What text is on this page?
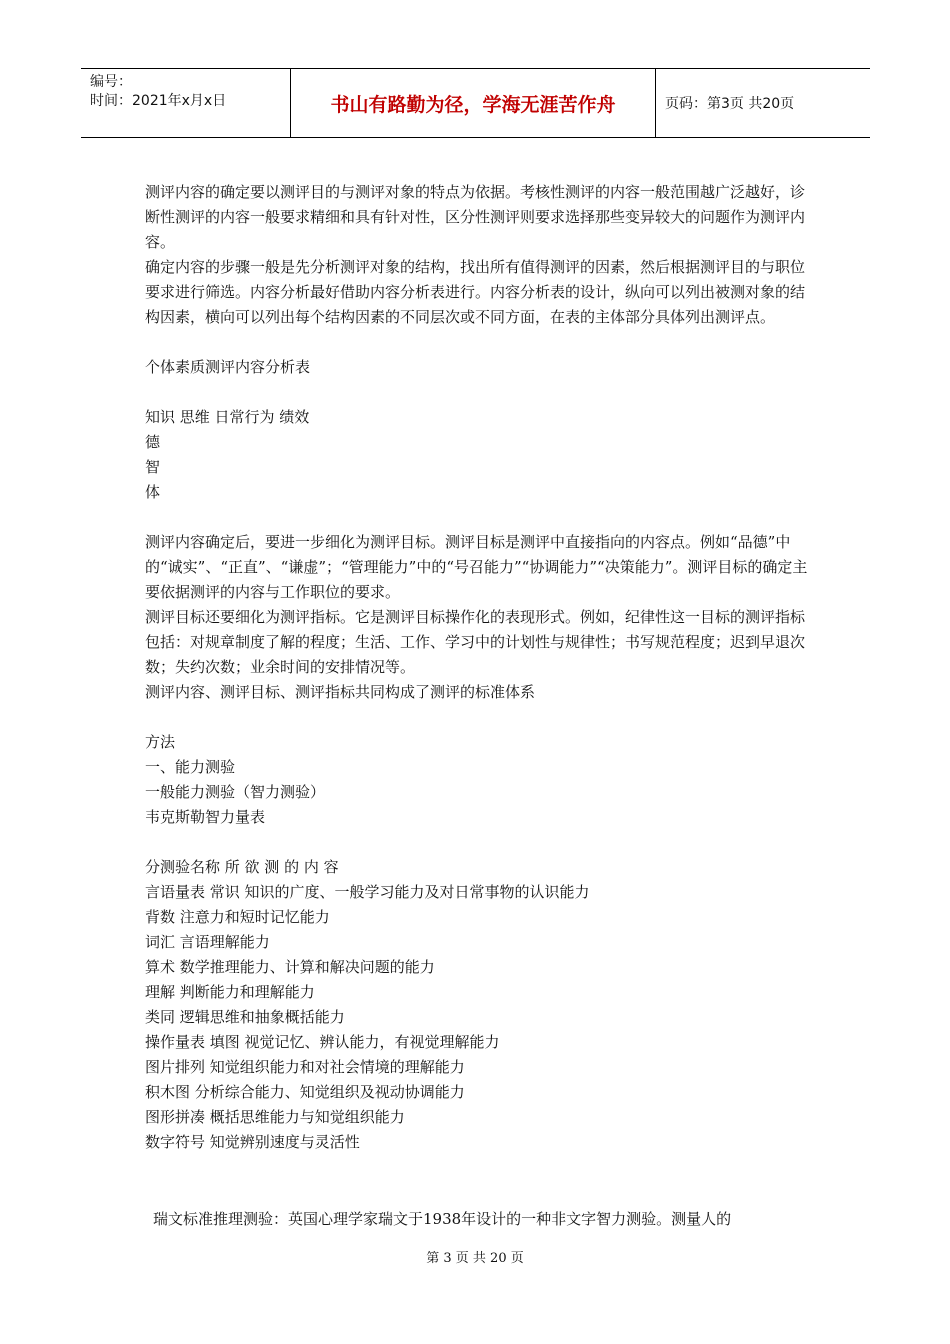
编号：
时间：2021年x月x日	书山有路勤为径，学海无涯苦作舟	页码：第3页 共20页

测评内容的确定要以测评目的与测评对象的特点为依据。考核性测评的内容一般范围越广泛越好，诊断性测评的内容一般要求精细和具有针对性，区分性测评则要求选择那些变异较大的问题作为测评内容。

确定内容的步骤一般是先分析测评对象的结构，找出所有值得测评的因素，然后根据测评目的与职位要求进行筛选。内容分析最好借助内容分析表进行。内容分析表的设计，纵向可以列出被测对象的结构因素，横向可以列出每个结构因素的不同层次或不同方面，在表的主体部分具体列出测评点。

个体素质测评内容分析表

知识 思维 日常行为 绩效

德

智

体

测评内容确定后，要进一步细化为测评目标。测评目标是测评中直接指向的内容点。例如“品德”中的“诚实”、“正直”、“谦虚”；“管理能力”中的“号召能力”“协调能力”“决策能力”。测评目标的确定主要依据测评的内容与工作职位的要求。

测评目标还要细化为测评指标。它是测评目标操作化的表现形式。例如，纪律性这一目标的测评指标包括：对规章制度了解的程度；生活、工作、学习中的计划性与规律性；书写规范程度；迟到早退次数；失约次数；业余时间的安排情况等。

测评内容、测评目标、测评指标共同构成了测评的标准体系

方法

一、能力测验

一般能力测验（智力测验）

韦克斯勒智力量表

分测验名称 所 欲 测 的 内 容

言语量表 常识 知识的广度、一般学习能力及对日常事物的认识能力

背数 注意力和短时记忆能力

词汇 言语理解能力

算术 数学推理能力、计算和解决问题的能力

理解 判断能力和理解能力

类同 逻辑思维和抽象概括能力

操作量表 填图 视觉记忆、辨认能力，有视觉理解能力

图片排列 知觉组织能力和对社会情境的理解能力

积木图 分析综合能力、知觉组织及视动协调能力

图形拼凑 概括思维能力与知觉组织能力

数字符号 知觉辨别速度与灵活性

瑞文标准推理测验：英国心理学家瑞文于1938年设计的一种非文字智力测验。测量人的
第 3 页 共 20 页
